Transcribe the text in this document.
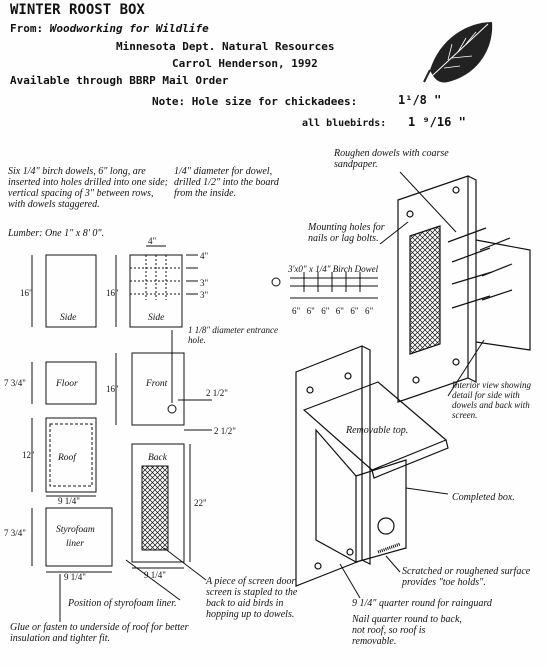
WINTER ROOST BOX
From: Woodworking for Wildlife
Minnesota Dept. Natural Resources
Carrol Henderson, 1992
Available through BBRP Mail Order
Note: Hole size for chickadees:	1¹/8 "
all bluebirds: 1 ⁹/16 "
Six 1/4" birch dowels, 6" long, are inserted into holes drilled into one side; vertical spacing of 3" between rows, with dowels staggered.
1/4" diameter for dowel, drilled 1/2" into the board from the inside.
Lumber: One 1" x 8' 0".
Roughen dowels with coarse sandpaper.
Mounting holes for nails or lag bolts.
3'x0" x 1/4" Birch Dowel
1 1/8" diameter entrance hole.
Interior view showing detail for side with dowels and back with screen.
Removable top.
Completed box.
Scratched or roughened surface provides "toe holds".
9 1/4" quarter round for rainguard
Nail quarter round to back, not roof, so roof is removable.
A piece of screen door screen is stapled to the back to aid birds in hopping up to dowels.
Position of styrofoam liner.
Glue or fasten to underside of roof for better insulation and tighter fit.
Side	Side
Floor	Front
Roof	Back
Styrofoam
liner
16"	16"
4"
4"
3"
3"
7 3/4"
16"	2 1/2"
2 1/2"
12"
22"
9 1/4"
7 3/4"
9 1/4"	9 1/4"
6" 6" 6" 6" 6" 6"
